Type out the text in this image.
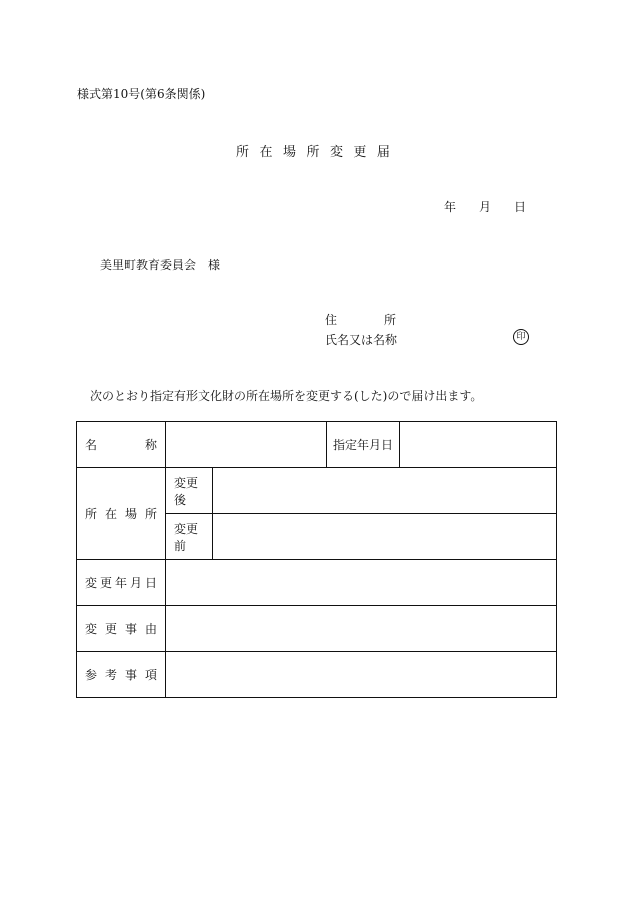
様式第10号(第6条関係)
所 在 場 所 変 更 届
年 月 日
美里町教育委員会　様
住	所
氏名又は名称	印
次のとおり指定有形文化財の所在場所を変更する(した)ので届け出ます。
名 称			指定年月日	

所 在 場 所	変更後			
	変更前			

変 更 年 月 日				

変 更 事 由				

参 考 事 項				
